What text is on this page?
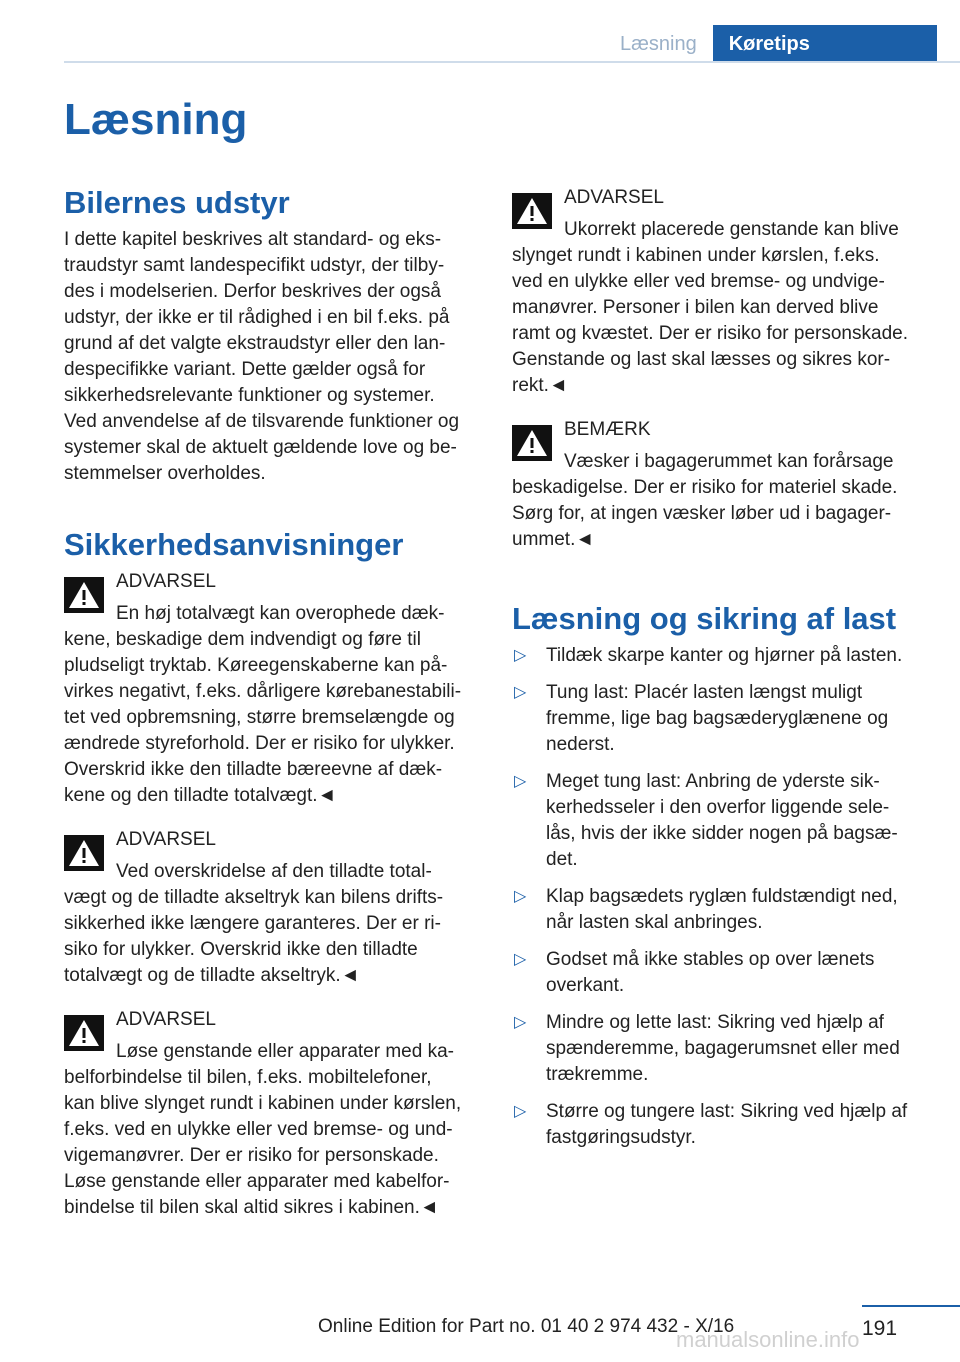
Læsning	Køretips
Læsning
Bilernes udstyr

I dette kapitel beskrives alt standard- og eks-

traudstyr samt landespecifikt udstyr, der tilby-

des i modelserien. Derfor beskrives der også

udstyr, der ikke er til rådighed i en bil f.eks. på

grund af det valgte ekstraudstyr eller den lan-

despecifikke variant. Dette gælder også for

sikkerhedsrelevante funktioner og systemer.

Ved anvendelse af de tilsvarende funktioner og

systemer skal de aktuelt gældende love og be-

stemmelser overholdes.

Sikkerhedsanvisninger
ADVARSEL
En høj totalvægt kan overophede dæk-
kene, beskadige dem indvendigt og føre til
pludseligt tryktab. Køreegenskaberne kan på-
virkes negativt, f.eks. dårligere kørebanestabili-
tet ved opbremsning, større bremselængde og
ændrede styreforhold. Der er risiko for ulykker.
Overskrid ikke den tilladte bæreevne af dæk-
kene og den tilladte totalvægt.◄
ADVARSEL
Ved overskridelse af den tilladte total-
vægt og de tilladte akseltryk kan bilens drifts-
sikkerhed ikke længere garanteres. Der er ri-
siko for ulykker. Overskrid ikke den tilladte
totalvægt og de tilladte akseltryk.◄
ADVARSEL
Løse genstande eller apparater med ka-
belforbindelse til bilen, f.eks. mobiltelefoner,
kan blive slynget rundt i kabinen under kørslen,
f.eks. ved en ulykke eller ved bremse- og und-
vigemanøvrer. Der er risiko for personskade.
Løse genstande eller apparater med kabelfor-
bindelse til bilen skal altid sikres i kabinen.◄
ADVARSEL
Ukorrekt placerede genstande kan blive
slynget rundt i kabinen under kørslen, f.eks.
ved en ulykke eller ved bremse- og undvige-
manøvrer. Personer i bilen kan derved blive
ramt og kvæstet. Der er risiko for personskade.
Genstande og last skal læsses og sikres kor-
rekt.◄
BEMÆRK
Væsker i bagagerummet kan forårsage
beskadigelse. Der er risiko for materiel skade.
Sørg for, at ingen væsker løber ud i bagager-
ummet.◄
Læsning og sikring af last
▷ Tildæk skarpe kanter og hjørner på lasten.
▷ Tung last: Placér lasten længst muligt
fremme, lige bag bagsæderyglænene og
nederst.
▷ Meget tung last: Anbring de yderste sik-
kerhedsseler i den overfor liggende sele-
lås, hvis der ikke sidder nogen på bagsæ-
det.
▷ Klap bagsædets ryglæn fuldstændigt ned,
når lasten skal anbringes.
▷ Godset må ikke stables op over lænets
overkant.
▷ Mindre og lette last: Sikring ved hjælp af
spænderemme, bagagerumsnet eller med
trækremme.
▷ Større og tungere last: Sikring ved hjælp af
fastgøringsudstyr.
191
Online Edition for Part no. 01 40 2 974 432 - X/16
manualsonline.info
